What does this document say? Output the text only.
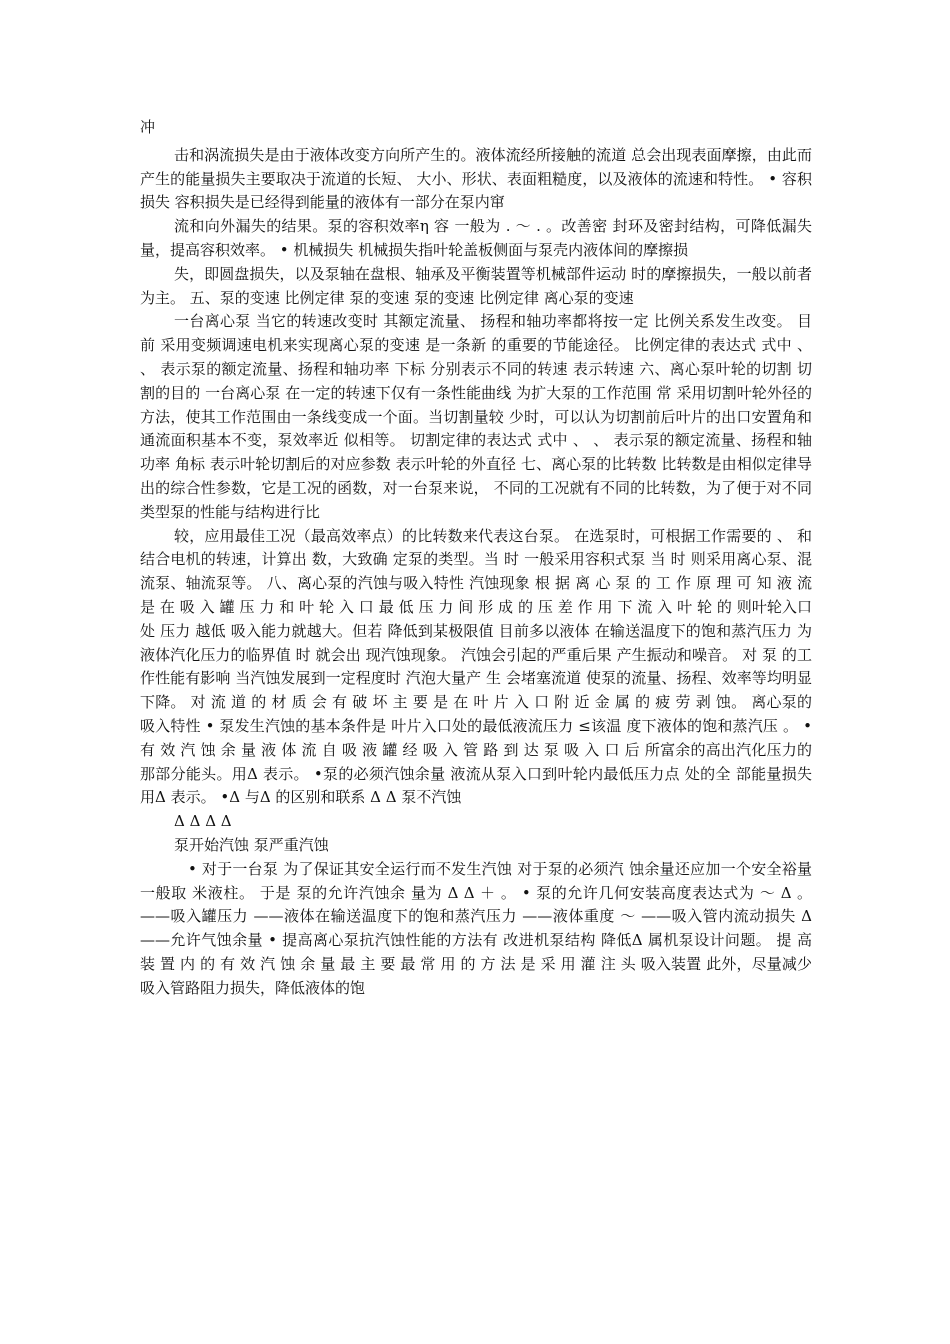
冲

击和涡流损失是由于液体改变方向所产生的。液体流经所接触的流道 总会出现表面摩擦，由此而产生的能量损失主要取决于流道的长短、 大小、形状、表面粗糙度，以及液体的流速和特性。 • 容积损失 容积损失是已经得到能量的液体有一部分在泵内窜

流和向外漏失的结果。泵的容积效率η 容 一般为 . ～ . 。改善密 封环及密封结构，可降低漏失量，提高容积效率。 • 机械损失 机械损失指叶轮盖板侧面与泵壳内液体间的摩擦损

失，即圆盘损失，以及泵轴在盘根、轴承及平衡装置等机械部件运动 时的摩擦损失，一般以前者为主。 五、泵的变速 比例定律 泵的变速 泵的变速 比例定律 离心泵的变速

一台离心泵 当它的转速改变时 其额定流量、 扬程和轴功率都将按一定 比例关系发生改变。 目前 采用变频调速电机来实现离心泵的变速 是一条新 的重要的节能途径。 比例定律的表达式 式中 、 、 表示泵的额定流量、扬程和轴功率 下标 分别表示不同的转速 表示转速 六、离心泵叶轮的切割 切割的目的 一台离心泵 在一定的转速下仅有一条性能曲线 为扩大泵的工作范围 常 采用切割叶轮外径的方法，使其工作范围由一条线变成一个面。当切割量较 少时，可以认为切割前后叶片的出口安置角和通流面积基本不变，泵效率近 似相等。 切割定律的表达式 式中 、 、 表示泵的额定流量、扬程和轴功率 角标 表示叶轮切割后的对应参数 表示叶轮的外直径 七、离心泵的比转数 比转数是由相似定律导出的综合性参数，它是工况的函数，对一台泵来说， 不同的工况就有不同的比转数，为了便于对不同类型泵的性能与结构进行比

较，应用最佳工况（最高效率点）的比转数来代表这台泵。 在选泵时，可根据工作需要的 、 和结合电机的转速，计算出 数，大致确 定泵的类型。当 时 一般采用容积式泵 当 时 则采用离心泵、混 流泵、轴流泵等。 八、离心泵的汽蚀与吸入特性 汽蚀现象 根 据 离 心 泵 的 工 作 原 理 可 知 液 流 是 在 吸 入 罐 压 力 和 叶 轮 入 口 最 低 压 力 间 形 成 的 压 差 作 用 下 流 入 叶 轮 的 则叶轮入口处 压力 越低 吸入能力就越大。但若 降低到某极限值 目前多以液体 在输送温度下的饱和蒸汽压力 为液体汽化压力的临界值 时 就会出 现汽蚀现象。 汽蚀会引起的严重后果 产生振动和噪音。 对 泵 的工作性能有影响 当汽蚀发展到一定程度时 汽泡大量产 生 会堵塞流道 使泵的流量、扬程、效率等均明显下降。 对 流 道 的 材 质 会 有 破 坏 主 要 是 在 叶 片 入 口 附 近 金 属 的 疲 劳 剥 蚀。 离心泵的吸入特性 • 泵发生汽蚀的基本条件是 叶片入口处的最低液流压力 ≤该温 度下液体的饱和蒸汽压 。 •有 效 汽 蚀 余 量 液 体 流 自 吸 液 罐 经 吸 入 管 路 到 达 泵 吸 入 口 后 所富余的高出汽化压力的那部分能头。用Δ 表示。 •泵的必须汽蚀余量 液流从泵入口到叶轮内最低压力点 处的全 部能量损失 用Δ 表示。 •Δ 与Δ 的区别和联系 Δ Δ 泵不汽蚀

Δ Δ Δ Δ

泵开始汽蚀 泵严重汽蚀

• 对于一台泵 为了保证其安全运行而不发生汽蚀 对于泵的必须汽 蚀余量还应加一个安全裕量 一般取 米液柱。 于是 泵的允许汽蚀余 量为 Δ Δ ＋ 。 • 泵的允许几何安装高度表达式为 ～ Δ 。 ——吸入罐压力 ——液体在输送温度下的饱和蒸汽压力 ——液体重度 ～ ——吸入管内流动损失 Δ ——允许气蚀余量 • 提高离心泵抗汽蚀性能的方法有 改进机泵结构 降低Δ 属机泵设计问题。 提 高 装 置 内 的 有 效 汽 蚀 余 量 最 主 要 最 常 用 的 方 法 是 采 用 灌 注 头 吸入装置 此外，尽量减少吸入管路阻力损失，降低液体的饱
